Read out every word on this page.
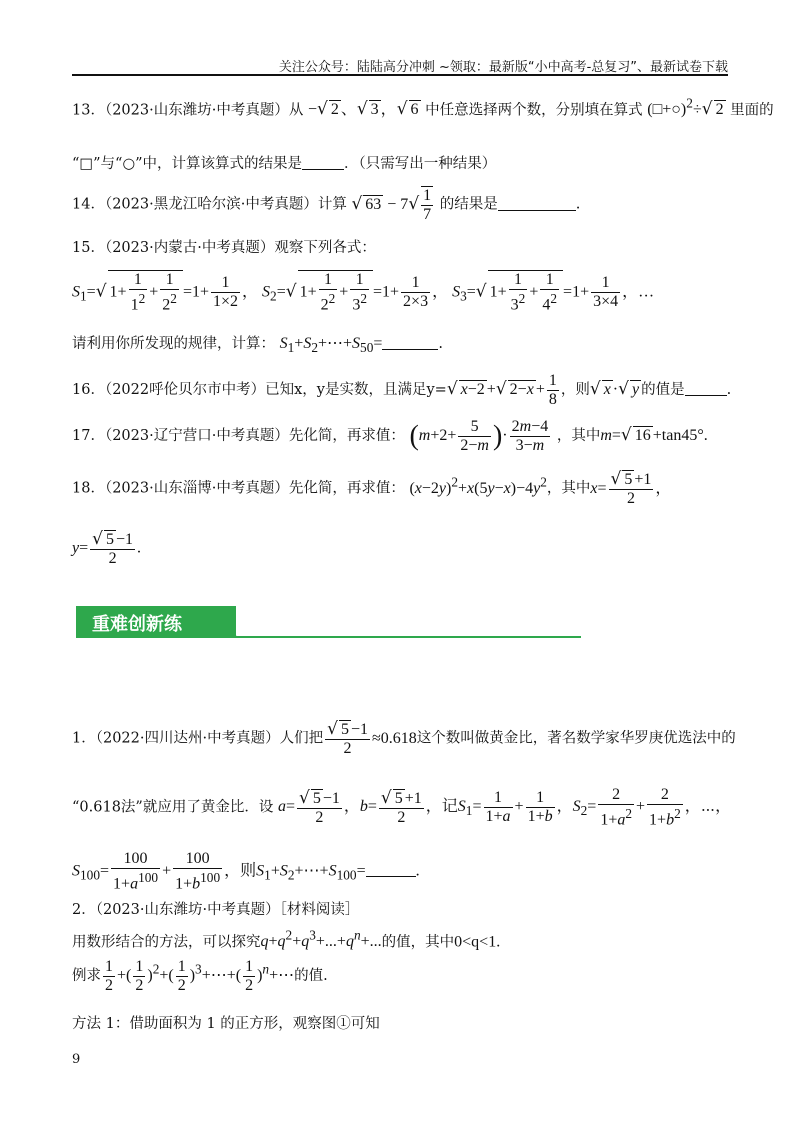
关注公众号：陆陆高分冲刺 ~领取：最新版“小中高考-总复习”、最新试卷下载
13．（2023·山东潍坊·中考真题）从 −√ 2 、√ 3 ，√ 6 中任意选择两个数，分别填在算式 (□+○)$^2$÷√ 2 里面的
“□”与“○”中，计算该算式的结果是	．（只需写出一种结果）
14．（2023·黑龙江哈尔滨·中考真题）计算 √ $63 - 7√ \frac{1}{7}$ 的结果是	.
15．（2023·内蒙古·中考真题）观察下列各式：
$S_1=√$ $1+ \frac{1}{1^2} + \frac{1}{2^2} =1+ \frac{1}{1\times 2}$ ， $S_2=√$ $1+ \frac{1}{2^2} + \frac{1}{3^2} =1+ \frac{1}{2\times 3}$ ， $S_3=√$ $1+ \frac{1}{3^2} + \frac{1}{4^2} =1+ \frac{1}{3\times 4}$ ，…
请利用你所发现的规律，计算： $S_1+S_2+\cdots+S_{50}=$	.
16．（2022呼伦贝尔市中考）已知x，y是实数，且满足y=√ x−2 +√ $2-x + \frac{1}{8}$ ，则√ x ·√ y 的值是	.
17．（2023·辽宁营口·中考真题）先化简，再求值： ($m+2+ \frac{5}{2-m}$ )· $\frac{2m-4}{3-m}$ ，其中m=√ 16 +tan45°.
18．（2023·山东淄博·中考真题）先化简，再求值： $(x-2y)^2+x(5y-x)-4y^2$，其中$x= \frac{√ 5 +1}{2}$ ，
$y= \frac{√ 5 -1}{2}$ .
重难创新练
1．（2022·四川达州·中考真题）人们把 $\frac{√ 5 -1}{2} \approx 0.618$这个数叫做黄金比，著名数学家华罗庚优选法中的
“0.618法”就应用了黄金比．设 $a= \frac{√ 5 -1}{2}$ ，$b= \frac{√ 5 +1}{2}$ ，记$S_1= \frac{1}{1+a} + \frac{1}{1+b}$ ，$S_2= \frac{2}{1+a^2} + \frac{2}{1+b^2}$ ，⋯，
$S_{100}= \frac{100}{1+a^{100}} + \frac{100}{1+b^{100}}$ ，则$S_1+S_2+\cdots+S_{100}=$	.
2．（2023·山东潍坊·中考真题）［材料阅读］
用数形结合的方法，可以探究$q+q^2+q^3+...+q^n+$...的值，其中0<q<1.
例求 $\frac{1}{2}$ +( $\frac{1}{2} )^2+( \frac{1}{2}$ )$^3+\cdots+( \frac{1}{2}$ )$^n$+⋯的值.
方法 1：借助面积为 1 的正方形，观察图①可知
9
